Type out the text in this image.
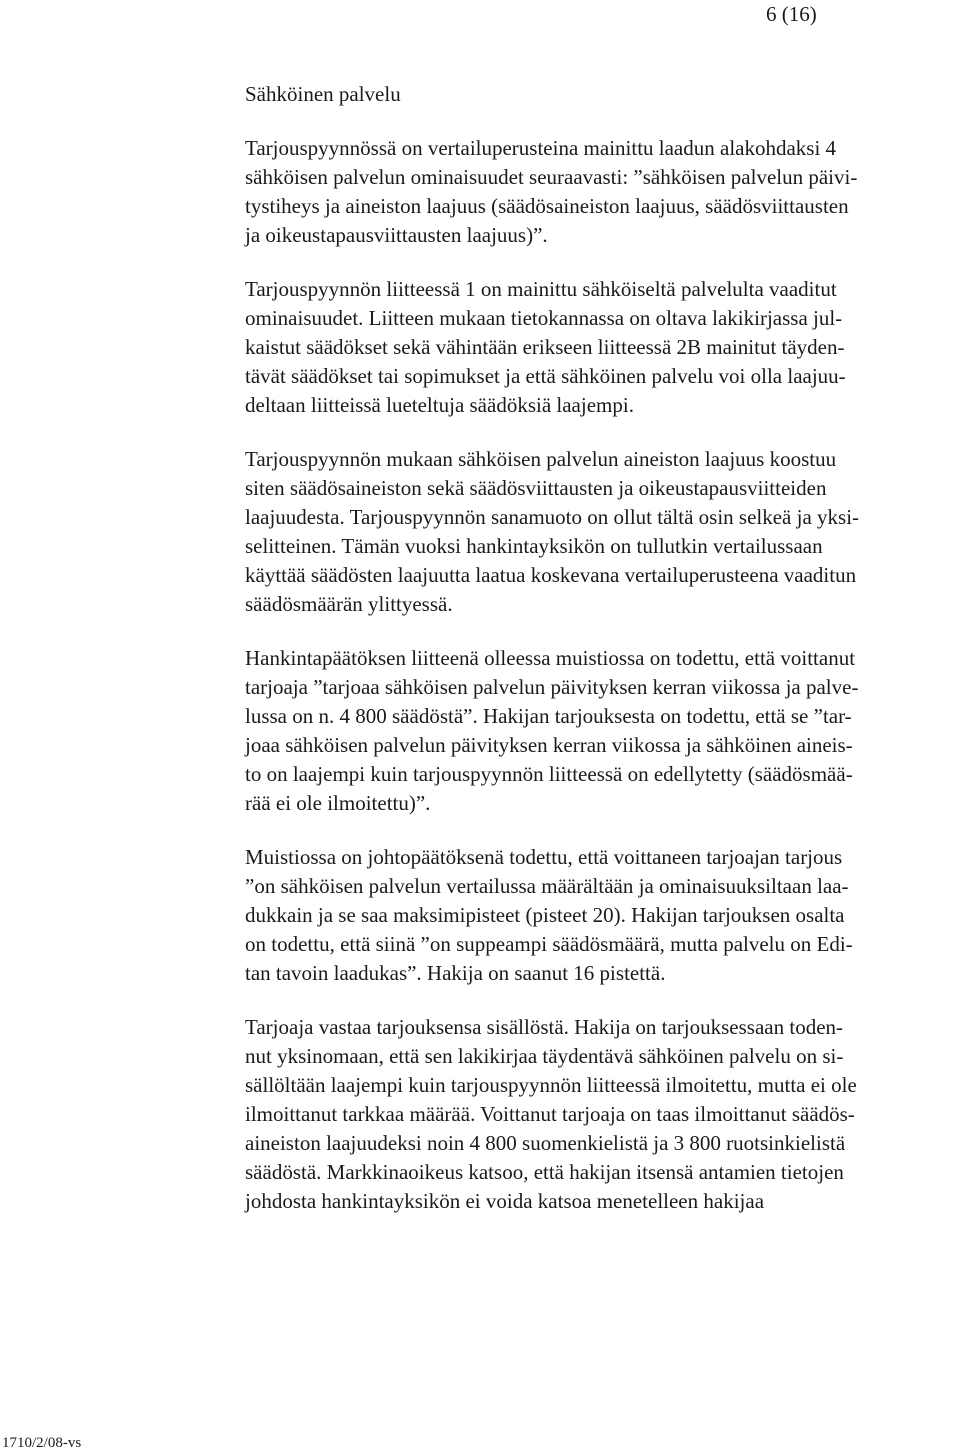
6 (16)
Sähköinen palvelu

Tarjouspyynnössä on vertailuperusteina mainittu laadun alakohdaksi 4
sähköisen palvelun ominaisuudet seuraavasti: ”sähköisen palvelun päivi-
tystiheys ja aineiston laajuus (säädösaineiston laajuus, säädösviittausten
ja oikeustapausviittausten laajuus)”.

Tarjouspyynnön liitteessä 1 on mainittu sähköiseltä palvelulta vaaditut
ominaisuudet. Liitteen mukaan tietokannassa on oltava lakikirjassa jul-
kaistut säädökset sekä vähintään erikseen liitteessä 2B mainitut täyden-
tävät säädökset tai sopimukset ja että sähköinen palvelu voi olla laajuu-
deltaan liitteissä lueteltuja säädöksiä laajempi.

Tarjouspyynnön mukaan sähköisen palvelun aineiston laajuus koostuu
siten säädösaineiston sekä säädösviittausten ja oikeustapausviitteiden
laajuudesta. Tarjouspyynnön sanamuoto on ollut tältä osin selkeä ja yksi-
selitteinen. Tämän vuoksi hankintayksikön on tullutkin vertailussaan
käyttää säädösten laajuutta laatua koskevana vertailuperusteena vaaditun
säädösmäärän ylittyessä.

Hankintapäätöksen liitteenä olleessa muistiossa on todettu, että voittanut
tarjoaja ”tarjoaa sähköisen palvelun päivityksen kerran viikossa ja palve-
lussa on n. 4 800 säädöstä”. Hakijan tarjouksesta on todettu, että se ”tar-
joaa sähköisen palvelun päivityksen kerran viikossa ja sähköinen aineis-
to on laajempi kuin tarjouspyynnön liitteessä on edellytetty (säädösmää-
rää ei ole ilmoitettu)”.

Muistiossa on johtopäätöksenä todettu, että voittaneen tarjoajan tarjous
”on sähköisen palvelun vertailussa määrältään ja ominaisuuksiltaan laa-
dukkain ja se saa maksimipisteet (pisteet 20). Hakijan tarjouksen osalta
on todettu, että siinä ”on suppeampi säädösmäärä, mutta palvelu on Edi-
tan tavoin laadukas”. Hakija on saanut 16 pistettä.

Tarjoaja vastaa tarjouksensa sisällöstä. Hakija on tarjouksessaan toden-
nut yksinomaan, että sen lakikirjaa täydentävä sähköinen palvelu on si-
sällöltään laajempi kuin tarjouspyynnön liitteessä ilmoitettu, mutta ei ole
ilmoittanut tarkkaa määrää. Voittanut tarjoaja on taas ilmoittanut säädös-
aineiston laajuudeksi noin 4 800 suomenkielistä ja 3 800 ruotsinkielistä
säädöstä. Markkinaoikeus katsoo, että hakijan itsensä antamien tietojen
johdosta hankintayksikön ei voida katsoa menetelleen hakijaa

1710/2/08-vs
